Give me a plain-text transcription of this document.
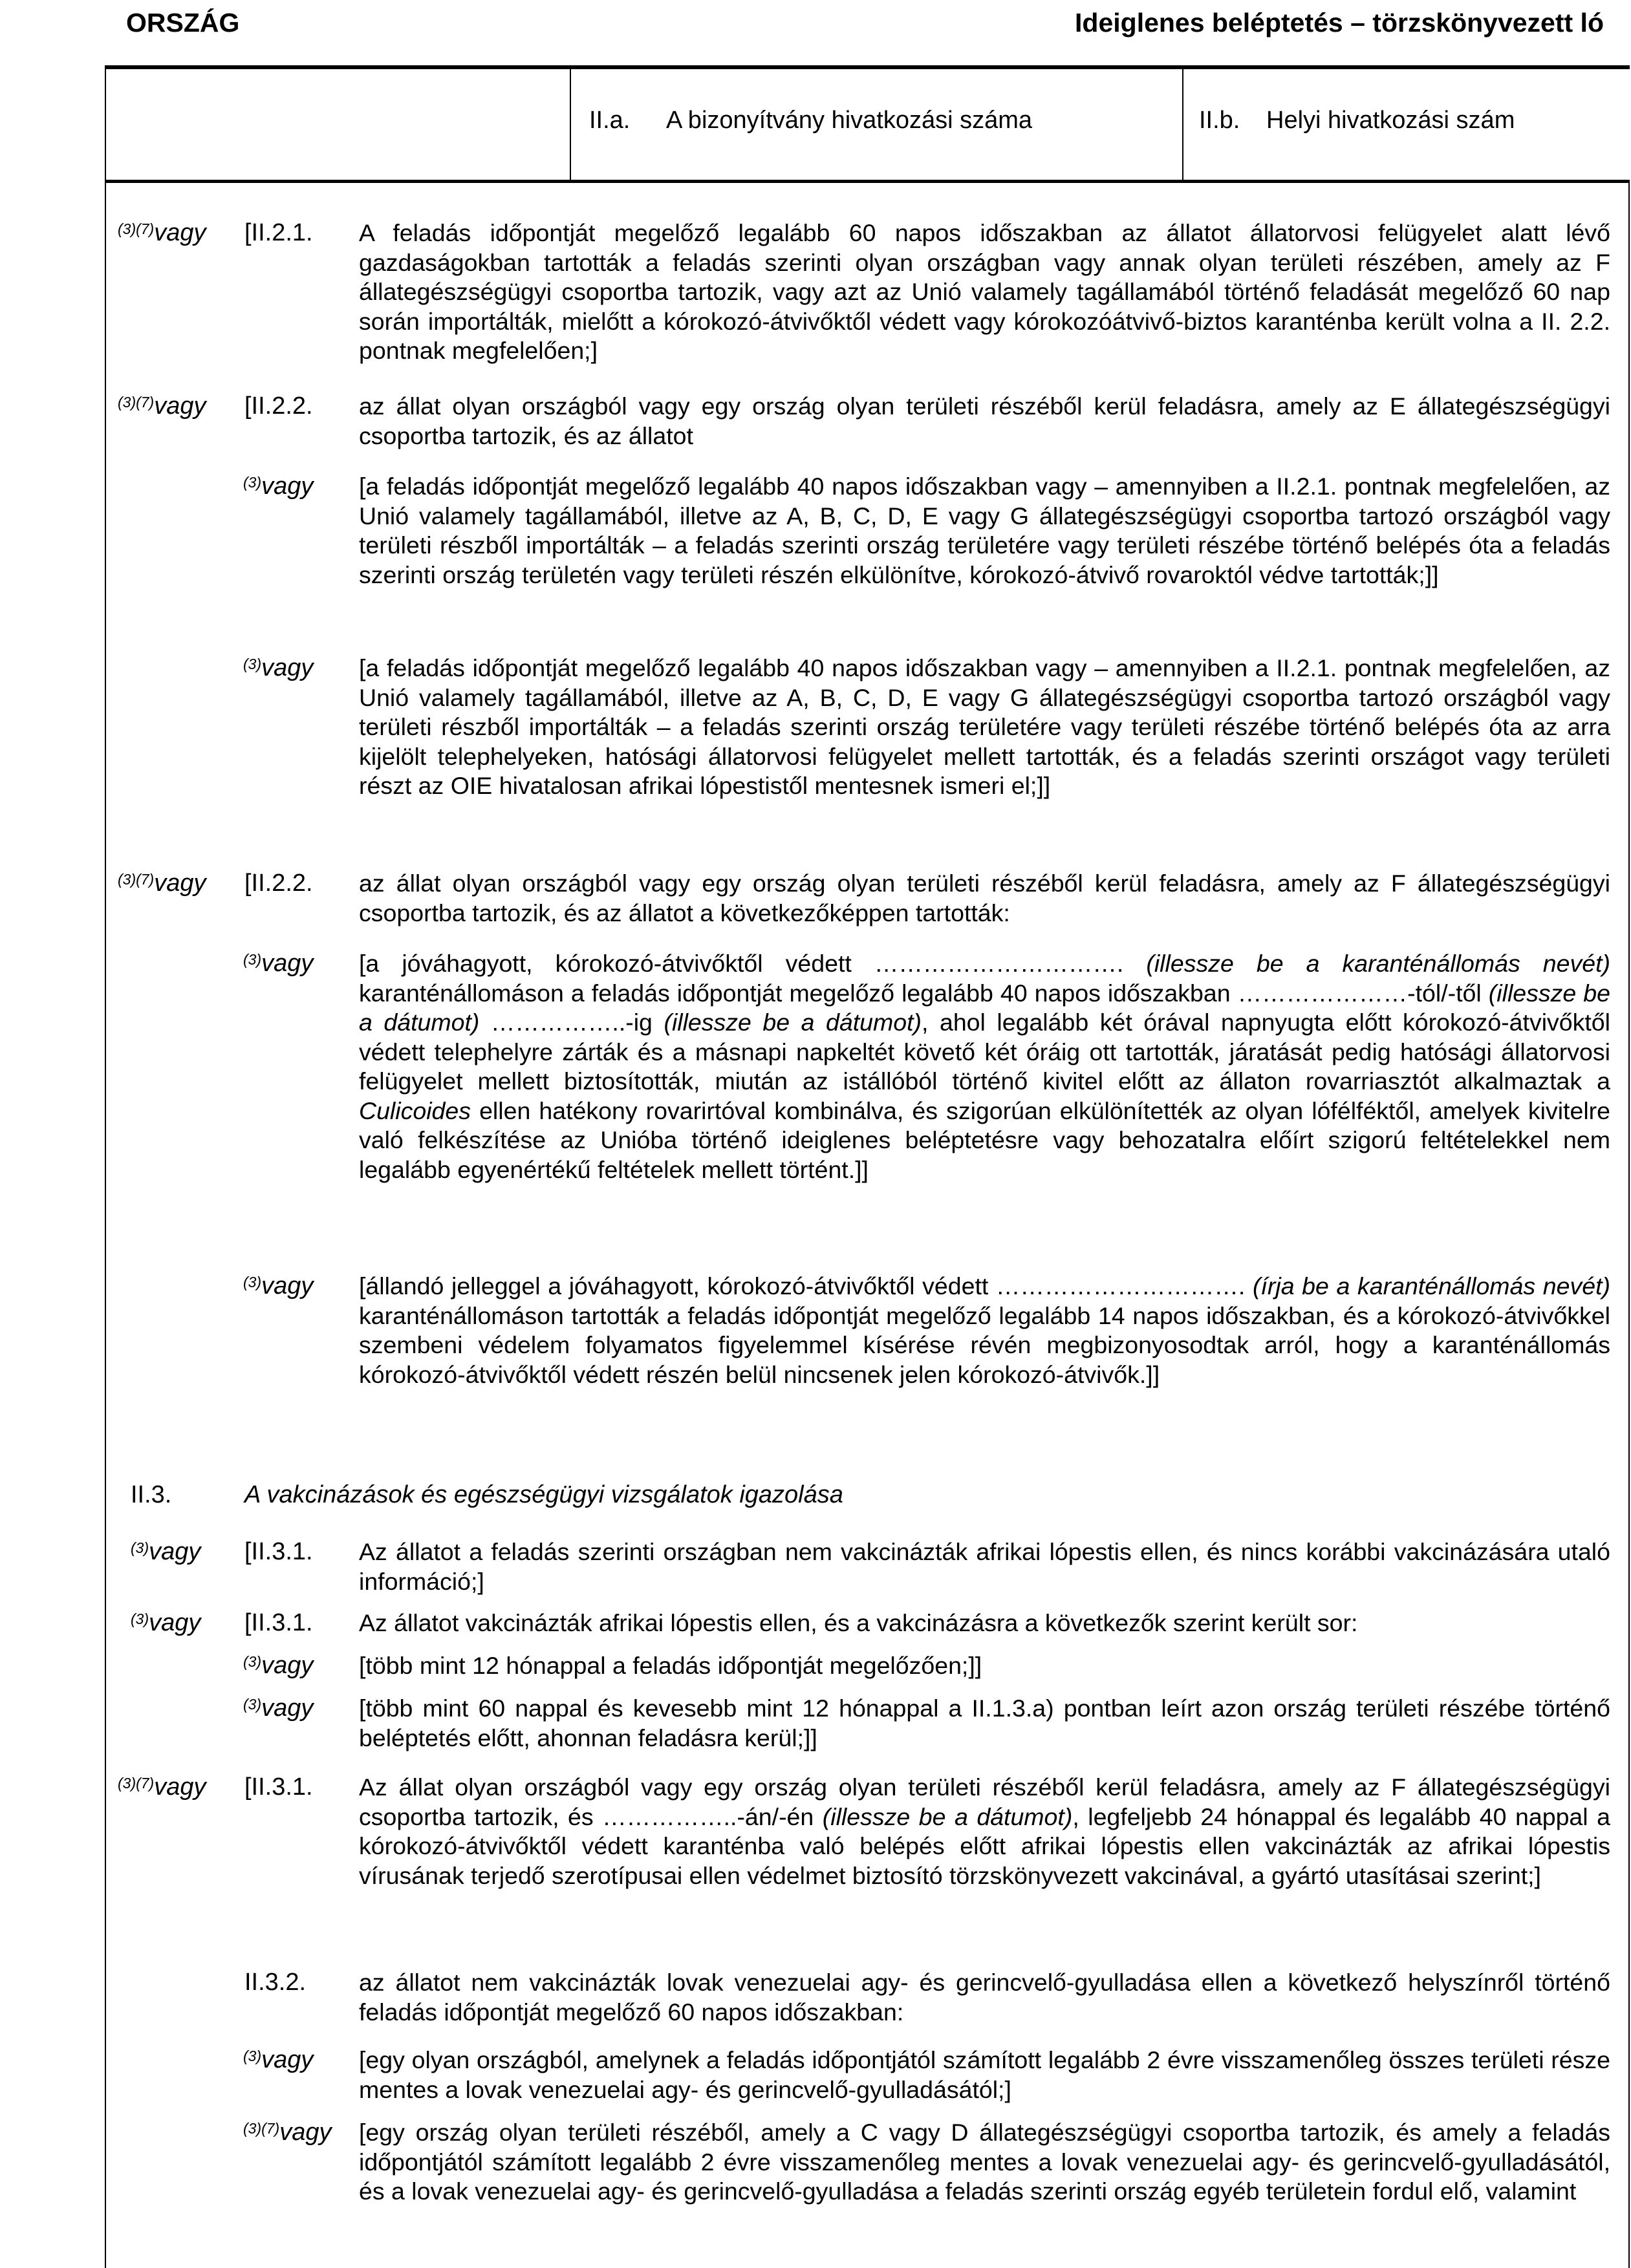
ORSZÁG	Ideiglenes beléptetés – törzskönyvezett ló
II.a. A bizonyítvány hivatkozási száma	II.b. Helyi hivatkozási szám
$^{(3)(7)}$vagy [II.2.1. A feladás időpontját megelőző legalább 60 napos időszakban az állatot állatorvosi felügyelet alatt lévő gazdaságokban tartották a feladás szerinti olyan országban vagy annak olyan területi részében, amely az F állategészségügyi csoportba tartozik, vagy azt az Unió valamely tagállamából történő feladását megelőző 60 nap során importálták, mielőtt a kórokozó-átvivőktől védett vagy kórokozóátvivő-biztos karanténba került volna a II. 2.2. pontnak megfelelően;]
$^{(3)(7)}$vagy [II.2.2. az állat olyan országból vagy egy ország olyan területi részéből kerül feladásra, amely az E állategészségügyi csoportba tartozik, és az állatot
$^{(3)}$vagy [a feladás időpontját megelőző legalább 40 napos időszakban vagy – amennyiben a II.2.1. pontnak megfelelően, az Unió valamely tagállamából, illetve az A, B, C, D, E vagy G állategészségügyi csoportba tartozó országból vagy területi részből importálták – a feladás szerinti ország területére vagy területi részébe történő belépés óta a feladás szerinti ország területén vagy területi részén elkülönítve, kórokozó-átvivő rovaroktól védve tartották;]]
$^{(3)}$vagy [a feladás időpontját megelőző legalább 40 napos időszakban vagy – amennyiben a II.2.1. pontnak megfelelően, az Unió valamely tagállamából, illetve az A, B, C, D, E vagy G állategészségügyi csoportba tartozó országból vagy területi részből importálták – a feladás szerinti ország területére vagy területi részébe történő belépés óta az arra kijelölt telephelyeken, hatósági állatorvosi felügyelet mellett tartották, és a feladás szerinti országot vagy területi részt az OIE hivatalosan afrikai lópestistől mentesnek ismeri el;]]
$^{(3)(7)}$vagy [II.2.2. az állat olyan országból vagy egy ország olyan területi részéből kerül feladásra, amely az F állategészségügyi csoportba tartozik, és az állatot a következőképpen tartották:
$^{(3)}$vagy [a jóváhagyott, kórokozó-átvivőktől védett …………………………. (illessze be a karanténállomás nevét) karanténállomáson a feladás időpontját megelőző legalább 40 napos időszakban …………………-tól/-től (illessze be a dátumot) ……………..-ig (illessze be a dátumot), ahol legalább két órával napnyugta előtt kórokozó-átvivőktől védett telephelyre zárták és a másnapi napkeltét követő két óráig ott tartották, járatását pedig hatósági állatorvosi felügyelet mellett biztosították, miután az istállóból történő kivitel előtt az állaton rovarriasztót alkalmaztak a Culicoides ellen hatékony rovarirtóval kombinálva, és szigorúan elkülönítették az olyan lófélféktől, amelyek kivitelre való felkészítése az Unióba történő ideiglenes beléptetésre vagy behozatalra előírt szigorú feltételekkel nem legalább egyenértékű feltételek mellett történt.]]
$^{(3)}$vagy [állandó jelleggel a jóváhagyott, kórokozó-átvivőktől védett …………………………. (írja be a karanténállomás nevét) karanténállomáson tartották a feladás időpontját megelőző legalább 14 napos időszakban, és a kórokozó-átvivőkkel szembeni védelem folyamatos figyelemmel kísérése révén megbizonyosodtak arról, hogy a karanténállomás kórokozó-átvivőktől védett részén belül nincsenek jelen kórokozó-átvivők.]]
II.3.	A vakcinázások és egészségügyi vizsgálatok igazolása
$^{(3)}$vagy [II.3.1. Az állatot a feladás szerinti országban nem vakcinázták afrikai lópestis ellen, és nincs korábbi vakcinázására utaló információ;]
$^{(3)}$vagy [II.3.1. Az állatot vakcinázták afrikai lópestis ellen, és a vakcinázásra a következők szerint került sor:
$^{(3)}$vagy [több mint 12 hónappal a feladás időpontját megelőzően;]]
$^{(3)}$vagy [több mint 60 nappal és kevesebb mint 12 hónappal a II.1.3.a) pontban leírt azon ország területi részébe történő beléptetés előtt, ahonnan feladásra kerül;]]
$^{(3)(7)}$vagy [II.3.1. Az állat olyan országból vagy egy ország olyan területi részéből kerül feladásra, amely az F állategészségügyi csoportba tartozik, és ……………..-án/-én (illessze be a dátumot), legfeljebb 24 hónappal és legalább 40 nappal a kórokozó-átvivőktől védett karanténba való belépés előtt afrikai lópestis ellen vakcinázták az afrikai lópestis vírusának terjedő szerotípusai ellen védelmet biztosító törzskönyvezett vakcinával, a gyártó utasításai szerint;]
II.3.2. az állatot nem vakcinázták lovak venezuelai agy- és gerincvelő-gyulladása ellen a következő helyszínről történő feladás időpontját megelőző 60 napos időszakban:
$^{(3)}$vagy [egy olyan országból, amelynek a feladás időpontjától számított legalább 2 évre visszamenőleg összes területi része mentes a lovak venezuelai agy- és gerincvelő-gyulladásától;]
$^{(3)(7)}$vagy [egy ország olyan területi részéből, amely a C vagy D állategészségügyi csoportba tartozik, és amely a feladás időpontjától számított legalább 2 évre visszamenőleg mentes a lovak venezuelai agy- és gerincvelő-gyulladásától, és a lovak venezuelai agy- és gerincvelő-gyulladása a feladás szerinti ország egyéb területein fordul elő, valamint
